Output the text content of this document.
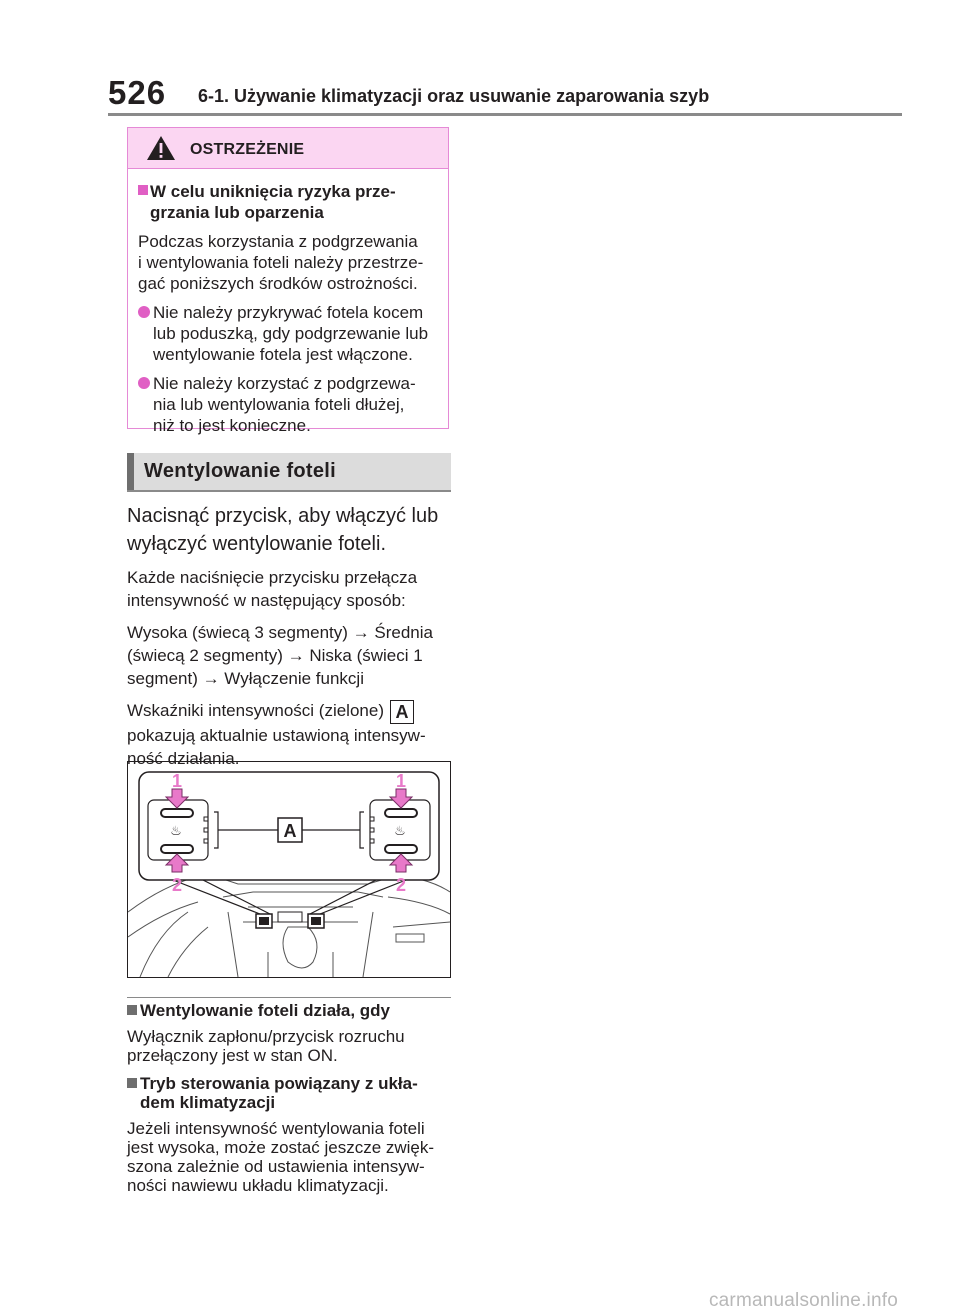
526 6-1. Używanie klimatyzacji oraz usuwanie zaparowania szyb
OSTRZEŻENIE
W celu uniknięcia ryzyka prze-
grzania lub oparzenia
Podczas korzystania z podgrzewania
i wentylowania foteli należy przestrze-
gać poniższych środków ostrożności.
Nie należy przykrywać fotela kocem
lub poduszką, gdy podgrzewanie lub
wentylowanie fotela jest włączone.
Nie należy korzystać z podgrzewa-
nia lub wentylowania foteli dłużej,
niż to jest konieczne.
Wentylowanie foteli
Nacisnąć przycisk, aby włączyć lub
wyłączyć wentylowanie foteli.
Każde naciśnięcie przycisku przełącza
intensywność w następujący sposób:
Wysoka (świecą 3 segmenty) → Średnia
(świecą 2 segmenty) → Niska (świeci 1
segment) → Wyłączenie funkcji
Wskaźniki intensywności (zielone) A
pokazują aktualnie ustawioną intensyw-
ność działania.
♨	♨
A
1	1
2	2
Wentylowanie foteli działa, gdy
Wyłącznik zapłonu/przycisk rozruchu
przełączony jest w stan ON.
Tryb sterowania powiązany z ukła-
dem klimatyzacji
Jeżeli intensywność wentylowania foteli
jest wysoka, może zostać jeszcze zwięk-
szona zależnie od ustawienia intensyw-
ności nawiewu układu klimatyzacji.
carmanualsonline.info
